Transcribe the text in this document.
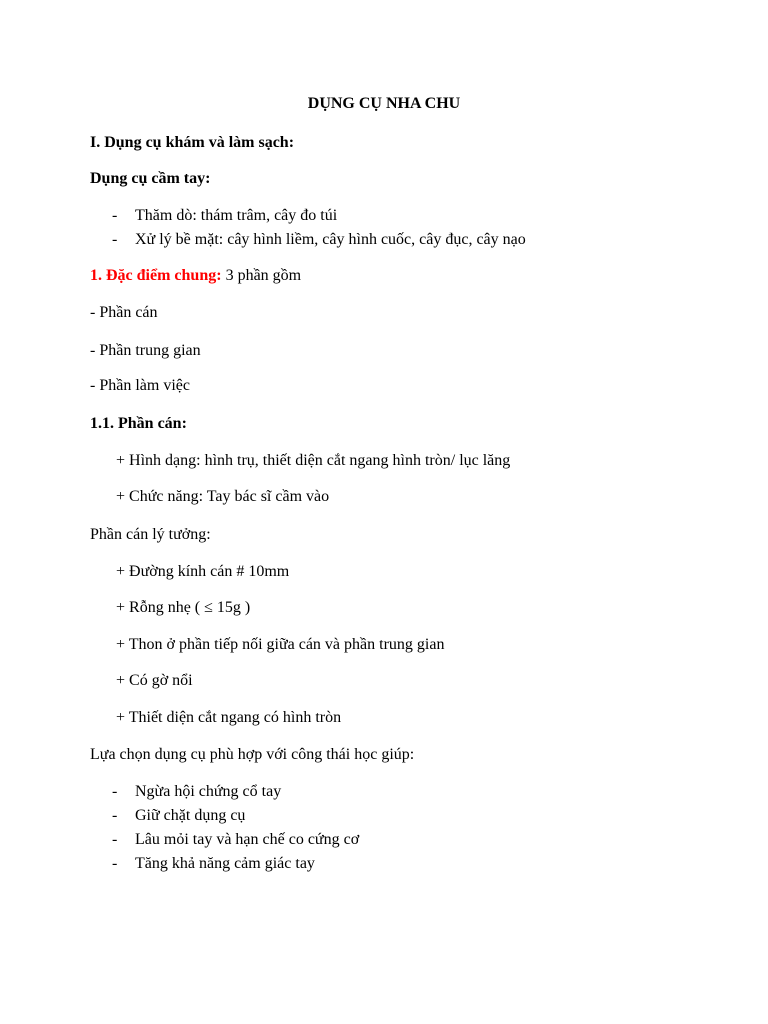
DỤNG CỤ NHA CHU
I. Dụng cụ khám và làm sạch:
Dụng cụ cầm tay:
- Thăm dò: thám trâm, cây đo túi
- Xử lý bề mặt: cây hình liềm, cây hình cuốc, cây đục, cây nạo
1. Đặc điểm chung: 3 phần gồm
- Phần cán
- Phần trung gian
- Phần làm việc
1.1. Phần cán:
+ Hình dạng: hình trụ, thiết diện cắt ngang hình tròn/ lục lăng
+ Chức năng: Tay bác sĩ cầm vào
Phần cán lý tưởng:
+ Đường kính cán # 10mm
+ Rỗng nhẹ ( ≤ 15g )
+ Thon ở phần tiếp nối giữa cán và phần trung gian
+ Có gờ nổi
+ Thiết diện cắt ngang có hình tròn
Lựa chọn dụng cụ phù hợp với công thái học giúp:
- Ngừa hội chứng cổ tay
- Giữ chặt dụng cụ
- Lâu mỏi tay và hạn chế co cứng cơ
- Tăng khả năng cảm giác tay
